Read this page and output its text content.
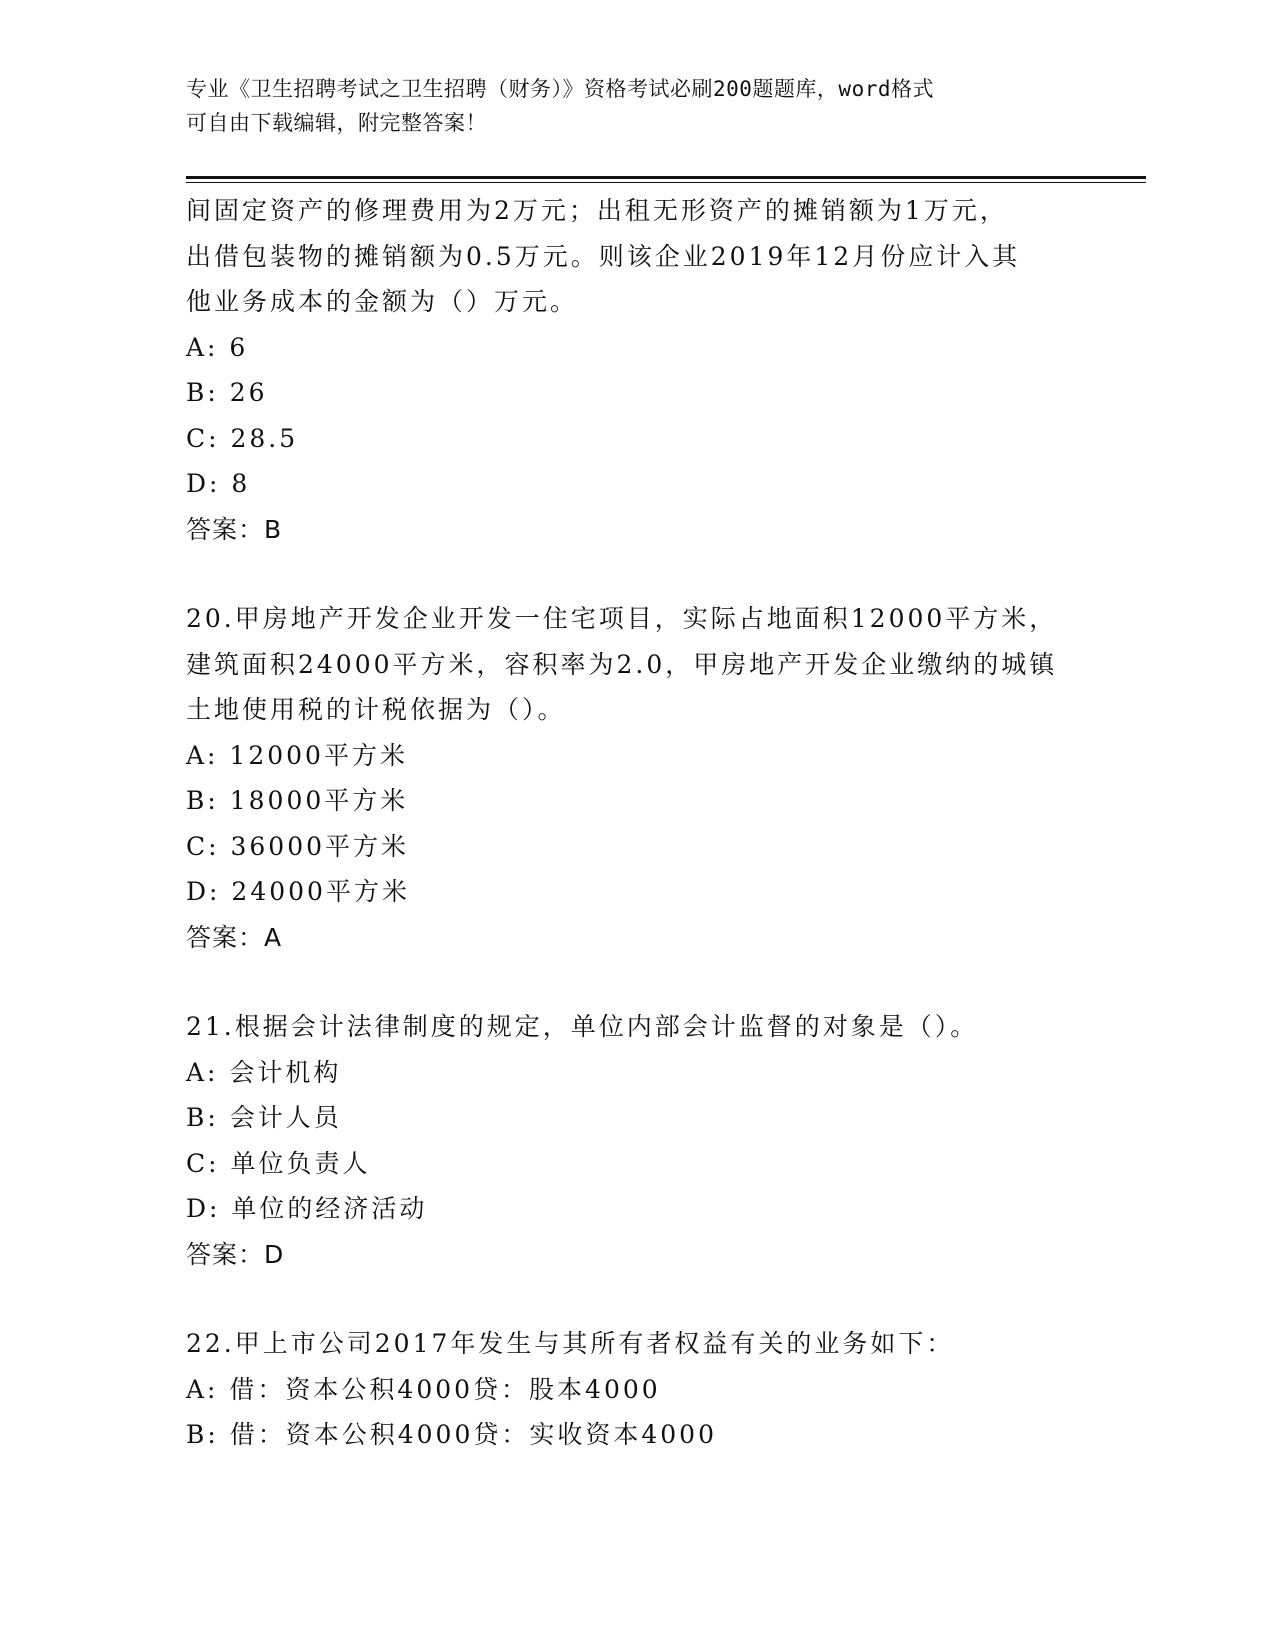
专业《卫生招聘考试之卫生招聘（财务）》资格考试必刷200题题库，word格式
可自由下载编辑，附完整答案！
间固定资产的修理费用为2万元；出租无形资产的摊销额为1万元，
出借包装物的摊销额为0.5万元。则该企业2019年12月份应计入其
他业务成本的金额为（）万元。
A: 6
B: 26
C: 28.5
D: 8
答案：B
20.甲房地产开发企业开发一住宅项目，实际占地面积12000平方米，
建筑面积24000平方米，容积率为2.0，甲房地产开发企业缴纳的城镇
土地使用税的计税依据为（）。
A: 12000平方米
B: 18000平方米
C: 36000平方米
D: 24000平方米
答案：A
21.根据会计法律制度的规定，单位内部会计监督的对象是（）。
A: 会计机构
B: 会计人员
C: 单位负责人
D: 单位的经济活动
答案：D
22.甲上市公司2017年发生与其所有者权益有关的业务如下：
A: 借：资本公积4000贷：股本4000
B: 借：资本公积4000贷：实收资本4000
